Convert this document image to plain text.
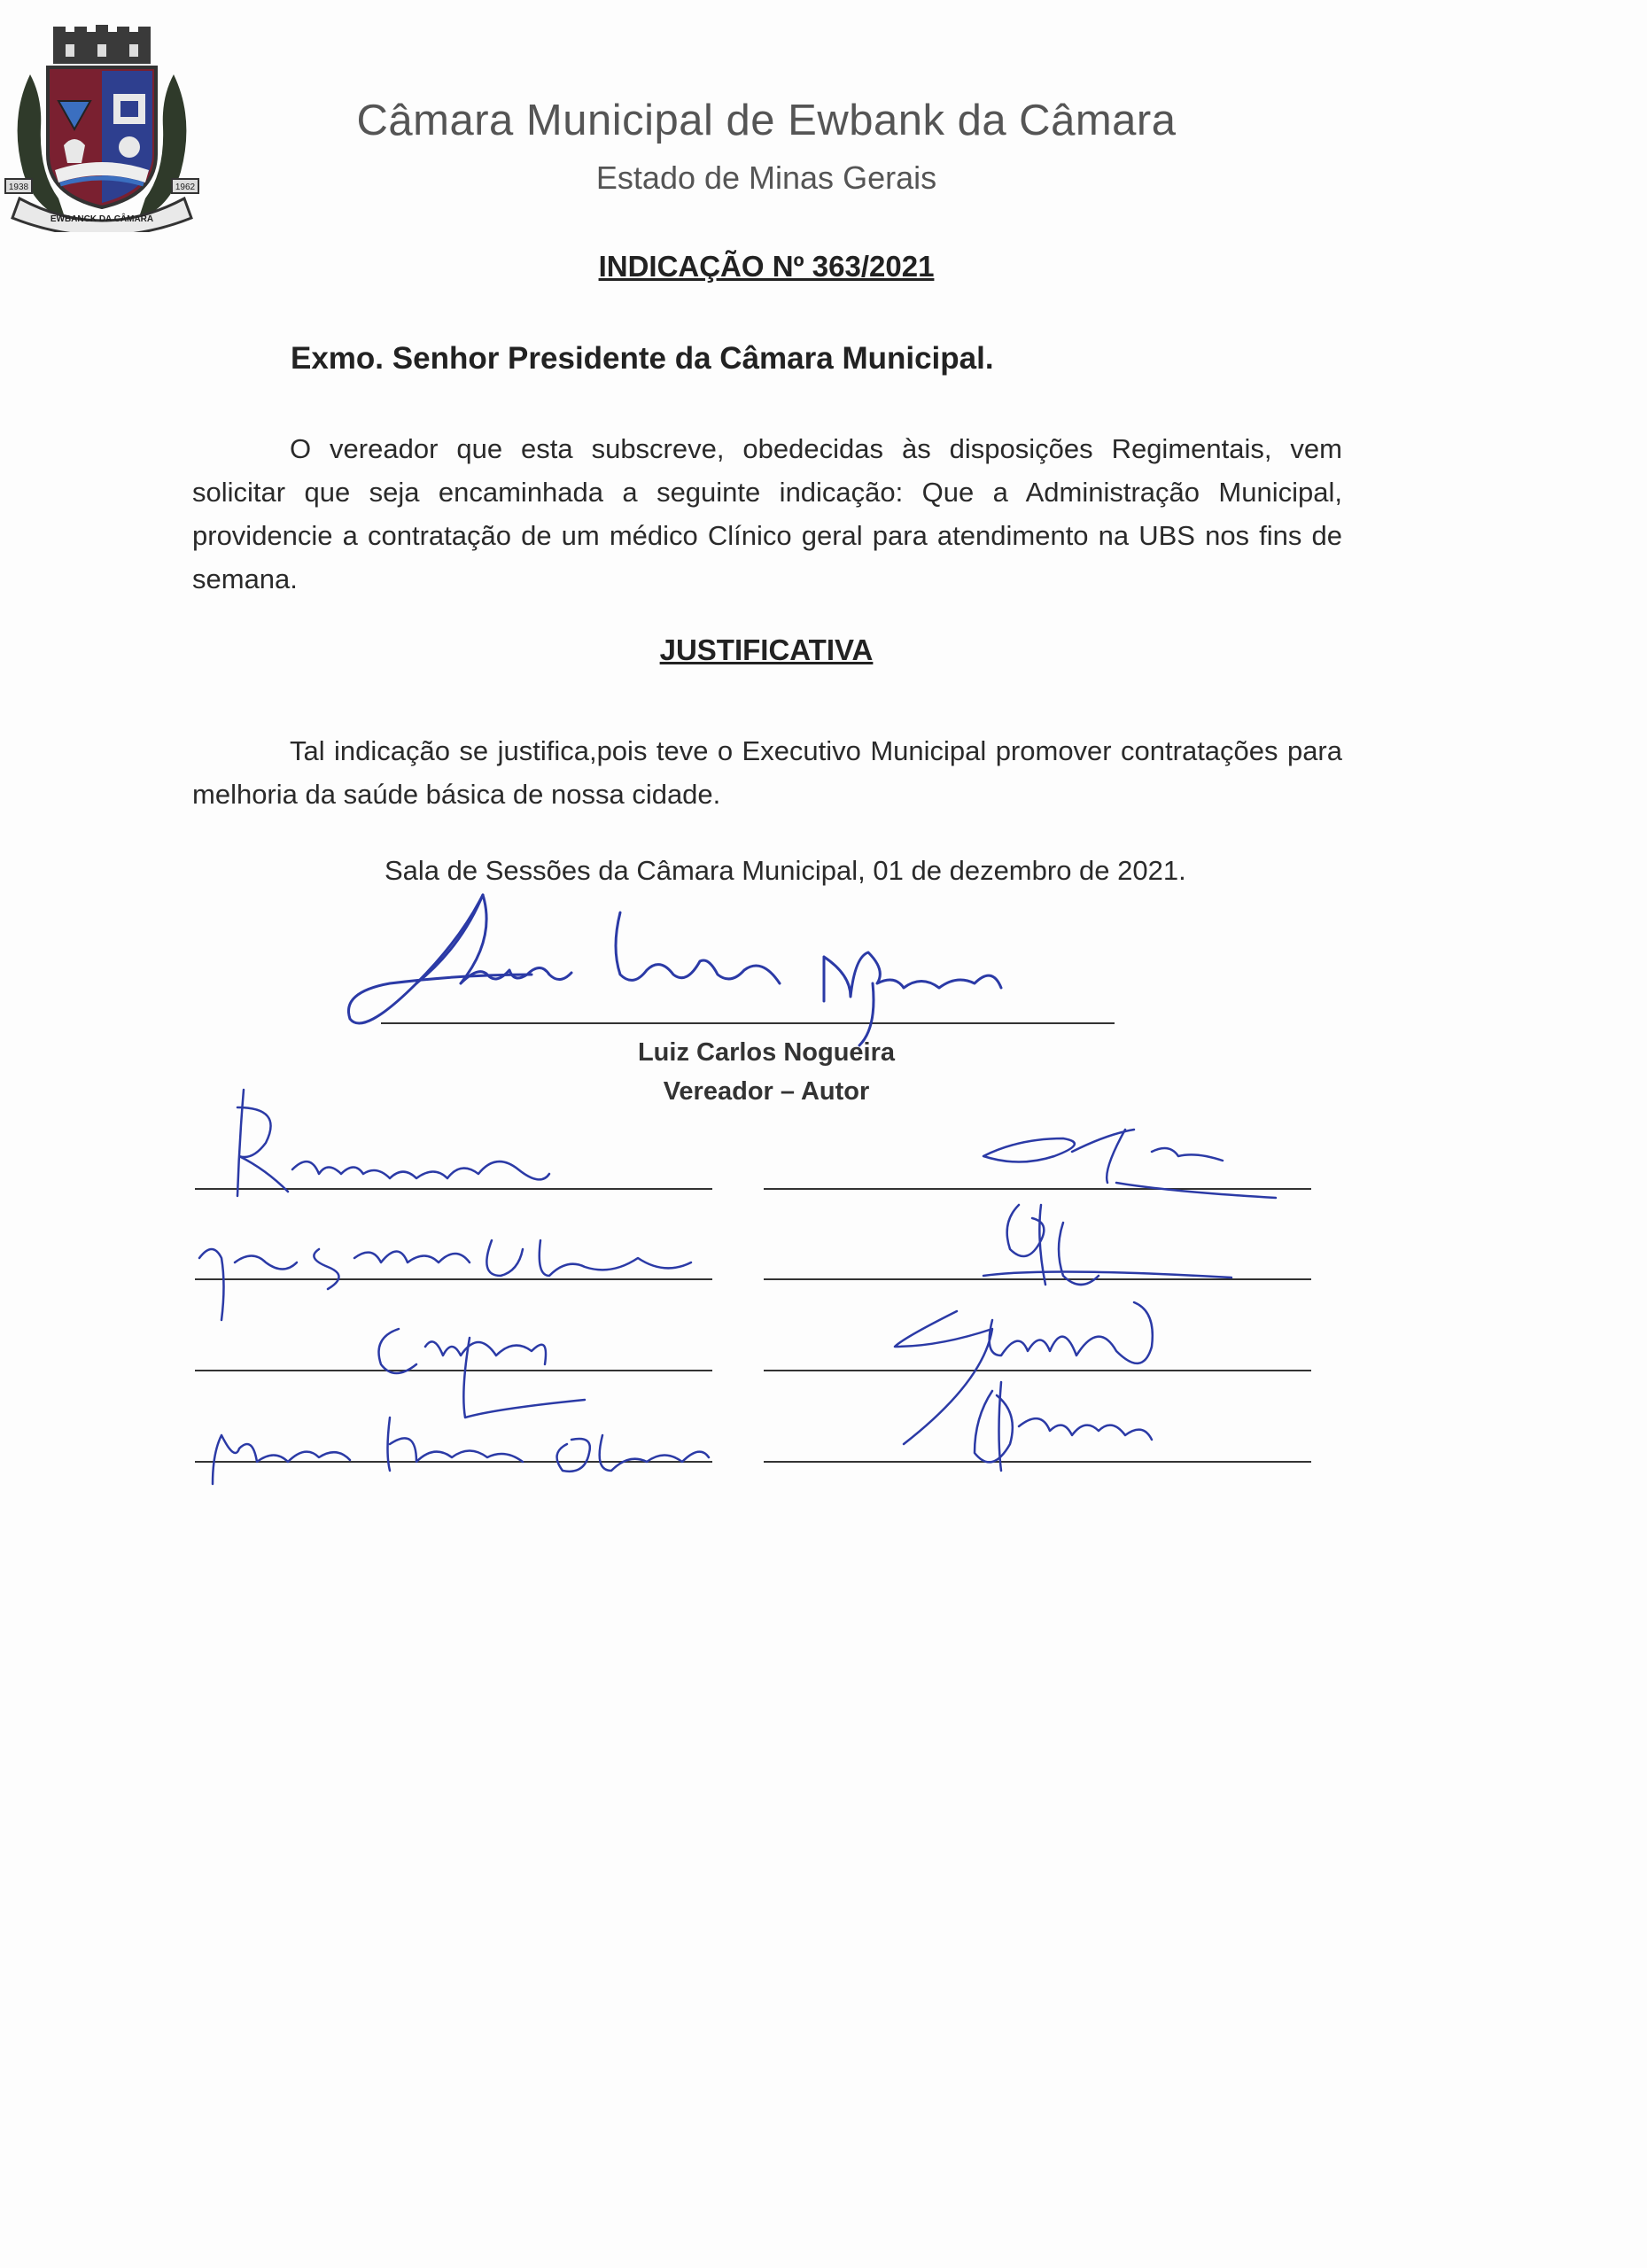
EWBANCK DA CÂMARA
1938	1962
Câmara Municipal de Ewbank da Câmara
Estado de Minas Gerais
INDICAÇÃO Nº 363/2021
Exmo. Senhor Presidente da Câmara Municipal.
O vereador que esta subscreve, obedecidas às disposições Regimentais, vem solicitar que seja encaminhada a seguinte indicação: Que a Administração Municipal, providencie a contratação de um médico Clínico geral para atendimento na UBS nos fins de semana.
JUSTIFICATIVA
Tal indicação se justifica,pois teve o Executivo Municipal promover contratações para melhoria da saúde básica de nossa cidade.
Sala de Sessões da Câmara Municipal, 01 de dezembro de 2021.
Luiz Carlos Nogueira
Vereador – Autor
